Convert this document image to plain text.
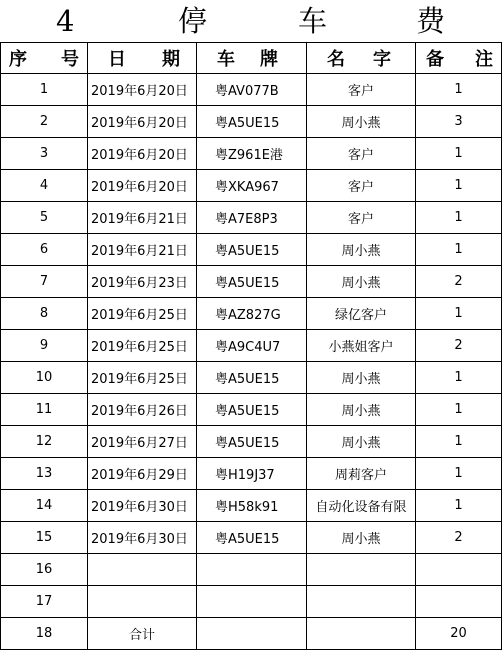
4	停	车	费
序 号	日 期	车 牌	名 字	备 注
1	2019年6月20日	粤AV077B	客户	1
2	2019年6月20日	粤A5UE15	周小燕	3
3	2019年6月20日	粤Z961E港	客户	1
4	2019年6月20日	粤XKA967	客户	1
5	2019年6月21日	粤A7E8P3	客户	1
6	2019年6月21日	粤A5UE15	周小燕	1
7	2019年6月23日	粤A5UE15	周小燕	2
8	2019年6月25日	粤AZ827G	绿亿客户	1
9	2019年6月25日	粤A9C4U7	小燕姐客户	2
10	2019年6月25日	粤A5UE15	周小燕	1
11	2019年6月26日	粤A5UE15	周小燕	1
12	2019年6月27日	粤A5UE15	周小燕	1
13	2019年6月29日	粤H19J37	周莉客户	1
14	2019年6月30日	粤H58k91	自动化设备有限	1
15	2019年6月30日	粤A5UE15	周小燕	2
16				
17				
18	合计			20
